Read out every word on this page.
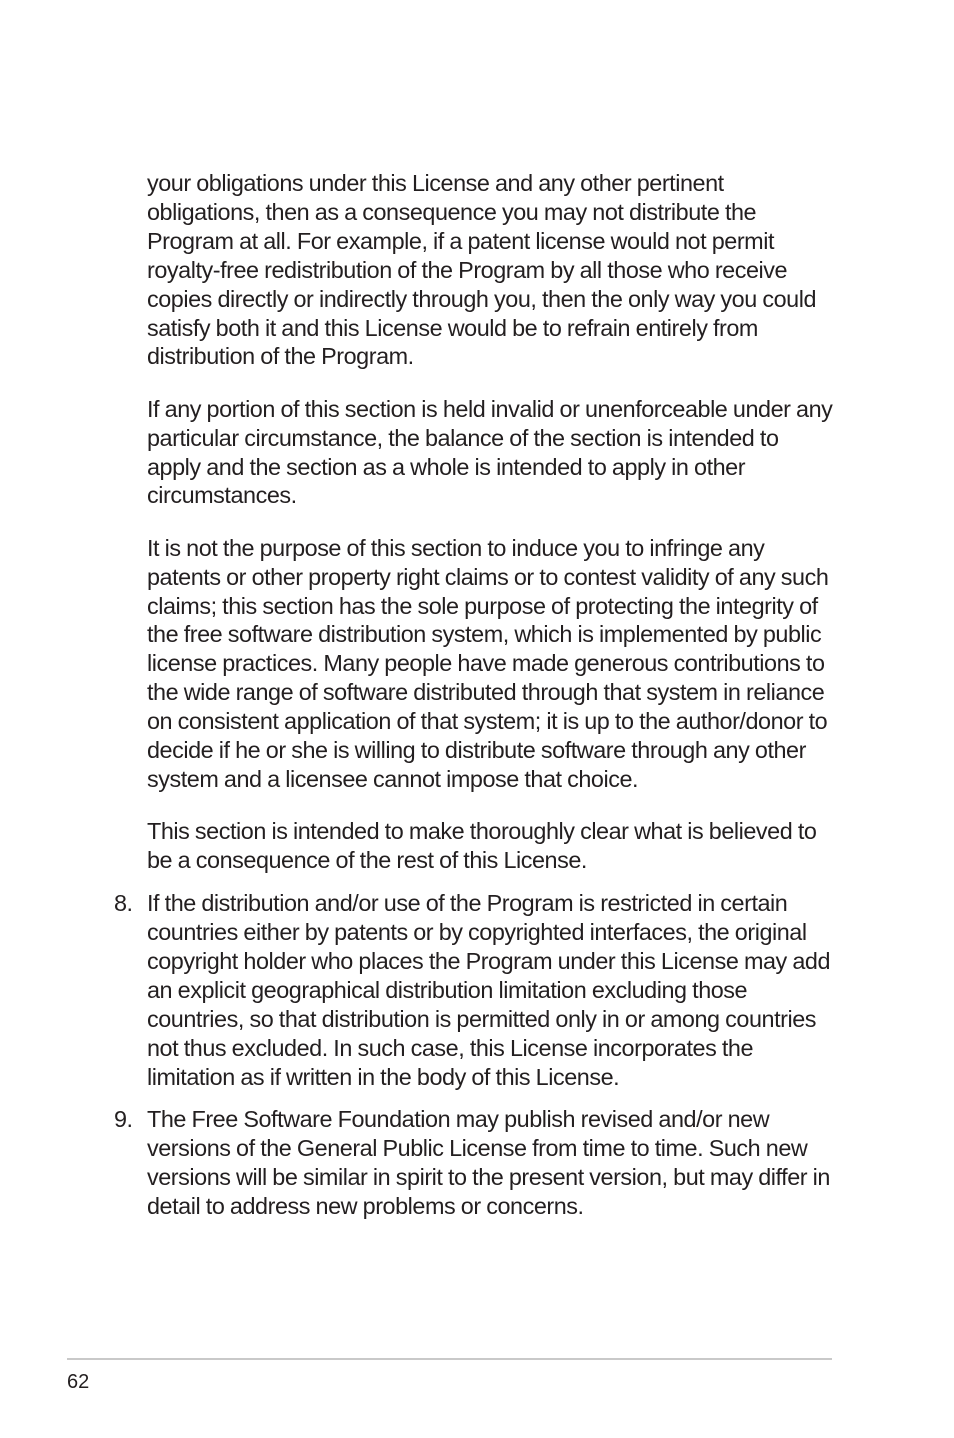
your obligations under this License and any other pertinent obligations, then as a consequence you may not distribute the Program at all. For example, if a patent license would not permit royalty-free redistribution of the Program by all those who receive copies directly or indirectly through you, then the only way you could satisfy both it and this License would be to refrain entirely from distribution of the Program.

If any portion of this section is held invalid or unenforceable under any particular circumstance, the balance of the section is intended to apply and the section as a whole is intended to apply in other circumstances.

It is not the purpose of this section to induce you to infringe any patents or other property right claims or to contest validity of any such claims; this section has the sole purpose of protecting the integrity of the free software distribution system, which is implemented by public license practices. Many people have made generous contributions to the wide range of software distributed through that system in reliance on consistent application of that system; it is up to the author/donor to decide if he or she is willing to distribute software through any other system and a licensee cannot impose that choice.

This section is intended to make thoroughly clear what is believed to be a consequence of the rest of this License.

8. If the distribution and/or use of the Program is restricted in certain countries either by patents or by copyrighted interfaces, the original copyright holder who places the Program under this License may add an explicit geographical distribution limitation excluding those countries, so that distribution is permitted only in or among countries not thus excluded. In such case, this License incorporates the limitation as if written in the body of this License.
9. The Free Software Foundation may publish revised and/or new versions of the General Public License from time to time. Such new versions will be similar in spirit to the present version, but may differ in detail to address new problems or concerns.
62
